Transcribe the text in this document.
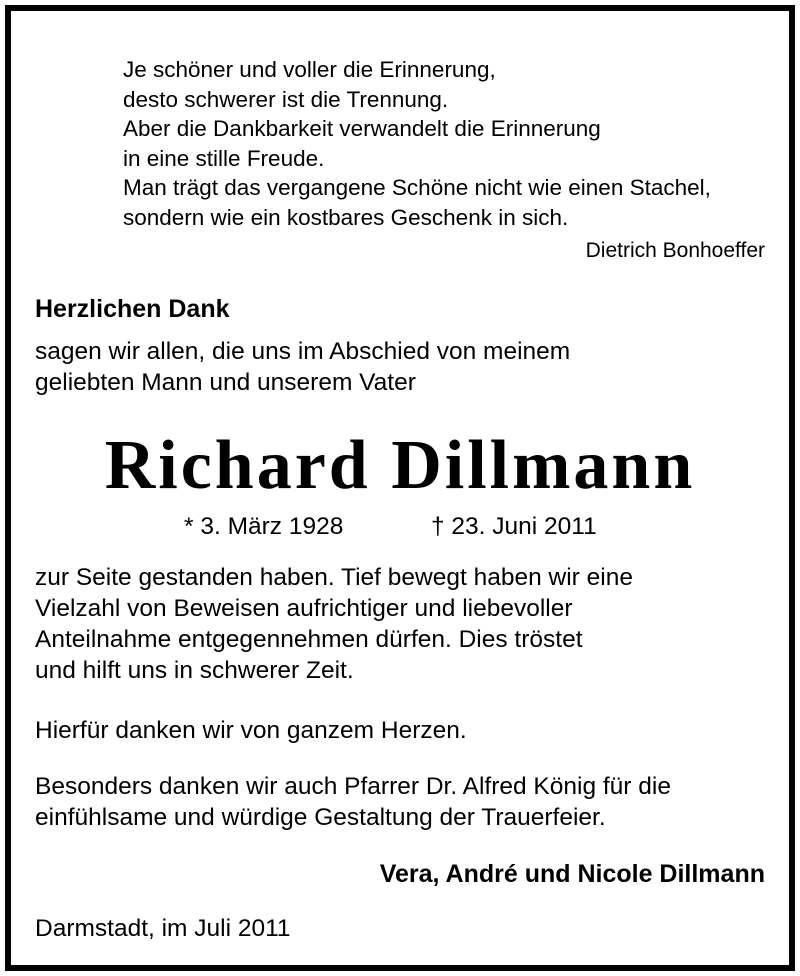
Je schöner und voller die Erinnerung,
desto schwerer ist die Trennung.
Aber die Dankbarkeit verwandelt die Erinnerung
in eine stille Freude.
Man trägt das vergangene Schöne nicht wie einen Stachel,
sondern wie ein kostbares Geschenk in sich.
Dietrich Bonhoeffer
Herzlichen Dank
sagen wir allen, die uns im Abschied von meinem
geliebten Mann und unserem Vater
Richard Dillmann
* 3. März 1928	† 23. Juni 2011
zur Seite gestanden haben. Tief bewegt haben wir eine
Vielzahl von Beweisen aufrichtiger und liebevoller
Anteilnahme entgegennehmen dürfen. Dies tröstet
und hilft uns in schwerer Zeit.
Hierfür danken wir von ganzem Herzen.
Besonders danken wir auch Pfarrer Dr. Alfred König für die
einfühlsame und würdige Gestaltung der Trauerfeier.
Vera, André und Nicole Dillmann
Darmstadt, im Juli 2011
